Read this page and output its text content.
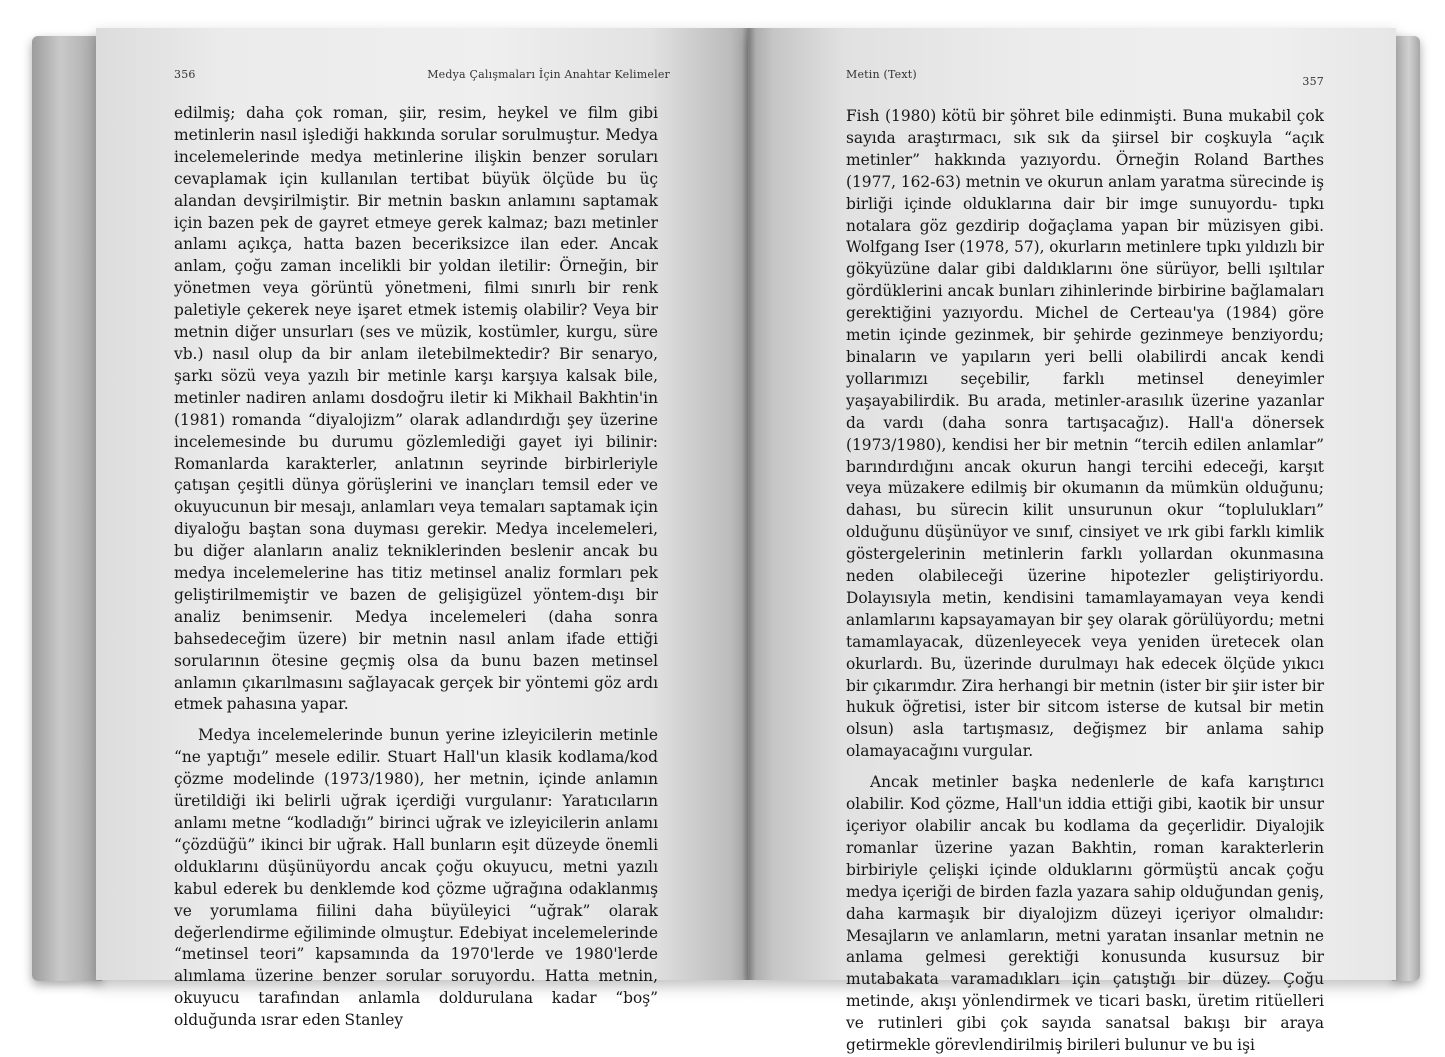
356	Medya Çalışmaları İçin Anahtar Kelimeler

edilmiş; daha çok roman, şiir, resim, heykel ve film gibi metinlerin nasıl işlediği hakkında sorular sorulmuştur. Medya incelemelerinde medya metinlerine ilişkin benzer soruları cevaplamak için kullanılan tertibat büyük ölçüde bu üç alandan devşirilmiştir. Bir metnin baskın anlamını saptamak için bazen pek de gayret etmeye gerek kalmaz; bazı metinler anlamı açıkça, hatta bazen beceriksizce ilan eder. Ancak anlam, çoğu zaman incelikli bir yoldan iletilir: Örneğin, bir yönetmen veya görüntü yönetmeni, filmi sınırlı bir renk paletiyle çekerek neye işaret etmek istemiş olabilir? Veya bir metnin diğer unsurları (ses ve müzik, kostümler, kurgu, süre vb.) nasıl olup da bir anlam iletebilmektedir? Bir senaryo, şarkı sözü veya yazılı bir metinle karşı karşıya kalsak bile, metinler nadiren anlamı dosdoğru iletir ki Mikhail Bakhtin'in (1981) romanda “diyalojizm” olarak adlandırdığı şey üzerine incelemesinde bu durumu gözlemlediği gayet iyi bilinir: Romanlarda karakterler, anlatının seyrinde birbirleriyle çatışan çeşitli dünya görüşlerini ve inançları temsil eder ve okuyucunun bir mesajı, anlamları veya temaları saptamak için diyaloğu baştan sona duyması gerekir. Medya incelemeleri, bu diğer alanların analiz tekniklerinden beslenir ancak bu medya incelemelerine has titiz metinsel analiz formları pek geliştirilmemiştir ve bazen de gelişigüzel yöntem-dışı bir analiz benimsenir. Medya incelemeleri (daha sonra bahsedeceğim üzere) bir metnin nasıl anlam ifade ettiği sorularının ötesine geçmiş olsa da bunu bazen metinsel anlamın çıkarılmasını sağlayacak gerçek bir yöntemi göz ardı etmek pahasına yapar.

Medya incelemelerinde bunun yerine izleyicilerin metinle “ne yaptığı” mesele edilir. Stuart Hall'un klasik kodlama/kod çözme modelinde (1973/1980), her metnin, içinde anlamın üretildiği iki belirli uğrak içerdiği vurgulanır: Yaratıcıların anlamı metne “kodladığı” birinci uğrak ve izleyicilerin anlamı “çözdüğü” ikinci bir uğrak. Hall bunların eşit düzeyde önemli olduklarını düşünüyordu ancak çoğu okuyucu, metni yazılı kabul ederek bu denklemde kod çözme uğrağına odaklanmış ve yorumlama fiilini daha büyüleyici “uğrak” olarak değerlendirme eğiliminde olmuştur. Edebiyat incelemelerinde “metinsel teori” kapsamında da 1970'lerde ve 1980'lerde alımlama üzerine benzer sorular soruyordu. Hatta metnin, okuyucu tarafından anlamla doldurulana kadar “boş” olduğunda ısrar eden Stanley

Metin (Text)
357

Fish (1980) kötü bir şöhret bile edinmişti. Buna mukabil çok sayıda araştırmacı, sık sık da şiirsel bir coşkuyla “açık metinler” hakkında yazıyordu. Örneğin Roland Barthes (1977, 162-63) metnin ve okurun anlam yaratma sürecinde iş birliği içinde olduklarına dair bir imge sunuyordu- tıpkı notalara göz gezdirip doğaçlama yapan bir müzisyen gibi. Wolfgang Iser (1978, 57), okurların metinlere tıpkı yıldızlı bir gökyüzüne dalar gibi daldıklarını öne sürüyor, belli ışıltılar gördüklerini ancak bunları zihinlerinde birbirine bağlamaları gerektiğini yazıyordu. Michel de Certeau'ya (1984) göre metin içinde gezinmek, bir şehirde gezinmeye benziyordu; binaların ve yapıların yeri belli olabilirdi ancak kendi yollarımızı seçebilir, farklı metinsel deneyimler yaşayabilirdik. Bu arada, metinler-arasılık üzerine yazanlar da vardı (daha sonra tartışacağız). Hall'a dönersek (1973/1980), kendisi her bir metnin “tercih edilen anlamlar” barındırdığını ancak okurun hangi tercihi edeceği, karşıt veya müzakere edilmiş bir okumanın da mümkün olduğunu; dahası, bu sürecin kilit unsurunun okur “toplulukları” olduğunu düşünüyor ve sınıf, cinsiyet ve ırk gibi farklı kimlik göstergelerinin metinlerin farklı yollardan okunmasına neden olabileceği üzerine hipotezler geliştiriyordu. Dolayısıyla metin, kendisini tamamlayamayan veya kendi anlamlarını kapsayamayan bir şey olarak görülüyordu; metni tamamlayacak, düzenleyecek veya yeniden üretecek olan okurlardı. Bu, üzerinde durulmayı hak edecek ölçüde yıkıcı bir çıkarımdır. Zira herhangi bir metnin (ister bir şiir ister bir hukuk öğretisi, ister bir sitcom isterse de kutsal bir metin olsun) asla tartışmasız, değişmez bir anlama sahip olamayacağını vurgular.

Ancak metinler başka nedenlerle de kafa karıştırıcı olabilir. Kod çözme, Hall'un iddia ettiği gibi, kaotik bir unsur içeriyor olabilir ancak bu kodlama da geçerlidir. Diyalojik romanlar üzerine yazan Bakhtin, roman karakterlerin birbiriyle çelişki içinde olduklarını görmüştü ancak çoğu medya içeriği de birden fazla yazara sahip olduğundan geniş, daha karmaşık bir diyalojizm düzeyi içeriyor olmalıdır: Mesajların ve anlamların, metni yaratan insanlar metnin ne anlama gelmesi gerektiği konusunda kusursuz bir mutabakata varamadıkları için çatıştığı bir düzey. Çoğu metinde, akışı yönlendirmek ve ticari baskı, üretim ritüelleri ve rutinleri gibi çok sayıda sanatsal bakışı bir araya getirmekle görevlendirilmiş birileri bulunur ve bu işi
